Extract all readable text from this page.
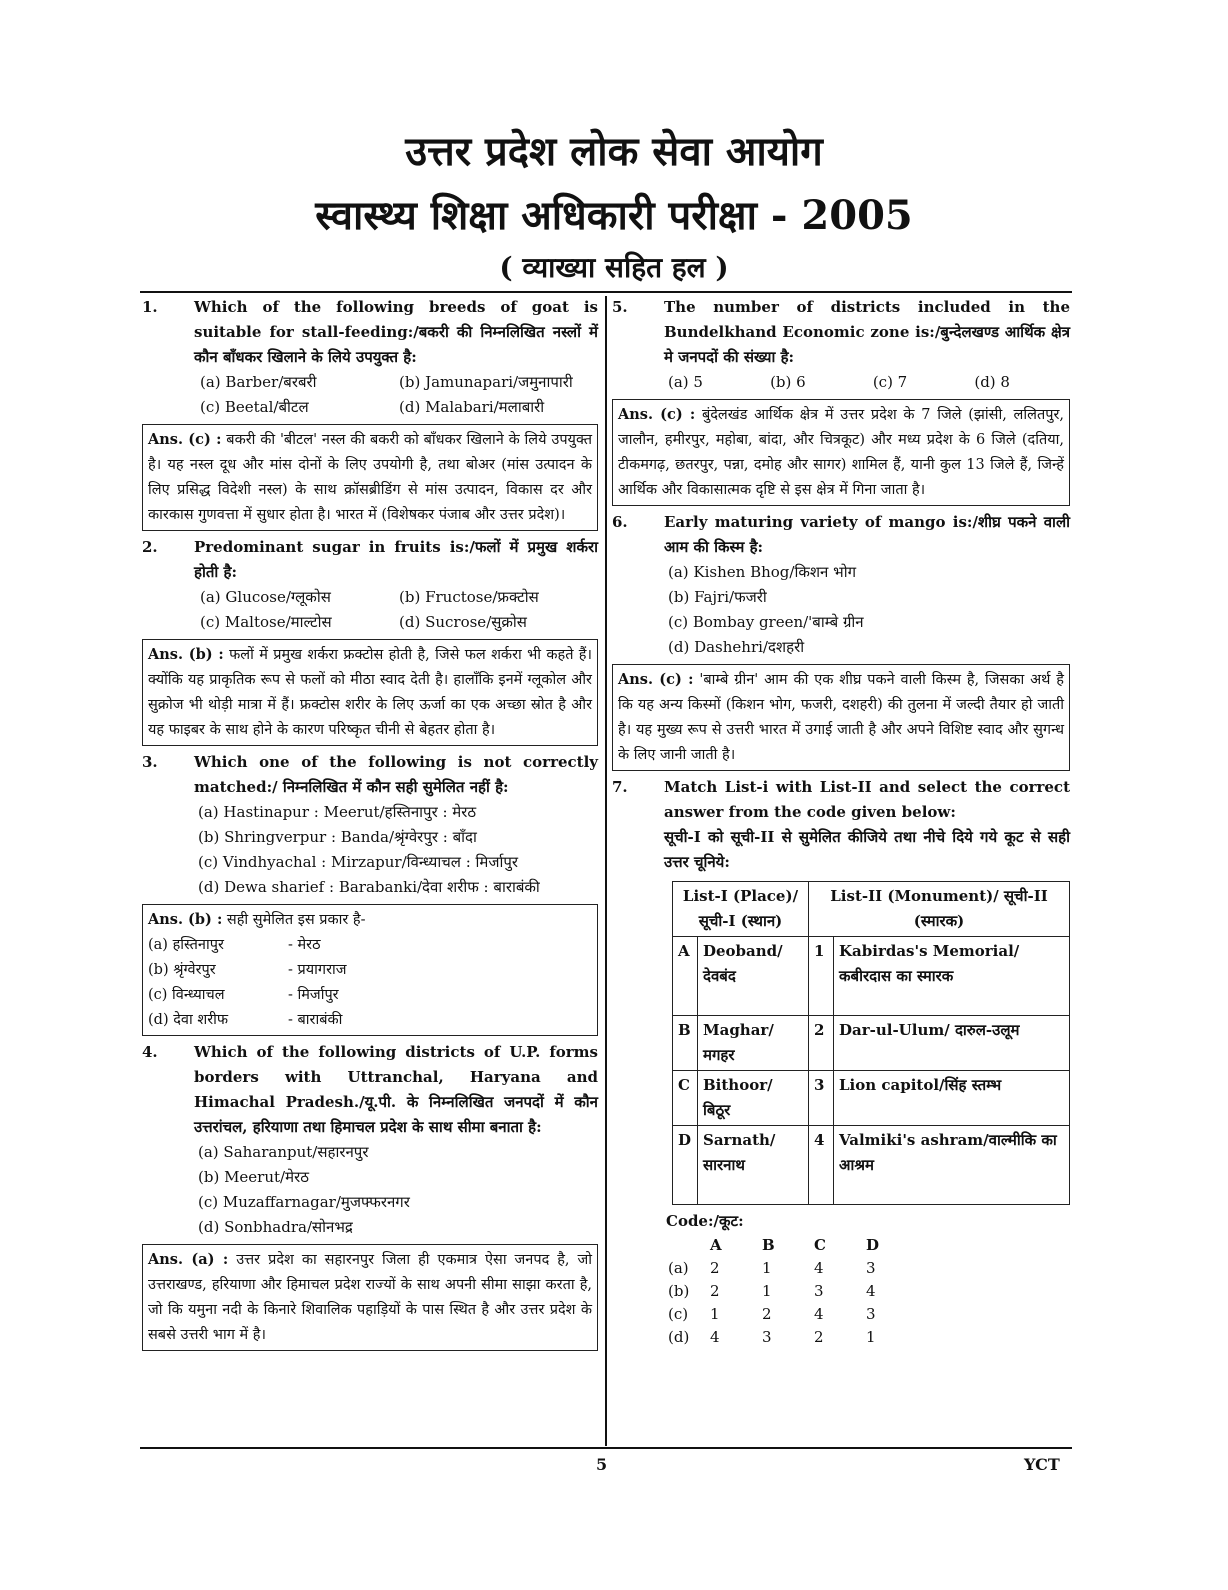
उत्तर प्रदेश लोक सेवा आयोग
स्वास्थ्य शिक्षा अधिकारी परीक्षा - 2005
( व्याख्या सहित हल )
1.	Which of the following breeds of goat is suitable for stall-feeding:/बकरी की निम्नलिखित नस्लों में कौन बाँधकर खिलाने के लिये उपयुक्त है:
(a) Barber/बरबरी	(b) Jamunapari/जमुनापारी
(c) Beetal/बीटल	(d) Malabari/मलाबारी
Ans. (c) : बकरी की 'बीटल' नस्ल की बकरी को बाँधकर खिलाने के लिये उपयुक्त है। यह नस्ल दूध और मांस दोनों के लिए उपयोगी है, तथा बोअर (मांस उत्पादन के लिए प्रसिद्ध विदेशी नस्ल) के साथ क्रॉसब्रीडिंग से मांस उत्पादन, विकास दर और कारकास गुणवत्ता में सुधार होता है। भारत में (विशेषकर पंजाब और उत्तर प्रदेश)।
2.	Predominant sugar in fruits is:/फलों में प्रमुख शर्करा होती है:
(a) Glucose/ग्लूकोस	(b) Fructose/फ्रक्टोस
(c) Maltose/माल्टोस	(d) Sucrose/सुक्रोस
Ans. (b) : फलों में प्रमुख शर्करा फ्रक्टोस होती है, जिसे फल शर्करा भी कहते हैं। क्योंकि यह प्राकृतिक रूप से फलों को मीठा स्वाद देती है। हालाँकि इनमें ग्लूकोल और सुक्रोज भी थोड़ी मात्रा में हैं। फ्रक्टोस शरीर के लिए ऊर्जा का एक अच्छा स्रोत है और यह फाइबर के साथ होने के कारण परिष्कृत चीनी से बेहतर होता है।
3.	Which one of the following is not correctly matched:/ निम्नलिखित में कौन सही सुमेलित नहीं है:
(a) Hastinapur : Meerut/हस्तिनापुर : मेरठ
(b) Shringverpur : Banda/श्रृंग्वेरपुर : बाँदा
(c) Vindhyachal : Mirzapur/विन्ध्याचल : मिर्जापुर
(d) Dewa sharief : Barabanki/देवा शरीफ : बाराबंकी
Ans. (b) : सही सुमेलित इस प्रकार है-
(a) हस्तिनापुर	- मेरठ
(b) श्रृंग्वेरपुर	- प्रयागराज
(c) विन्ध्याचल	- मिर्जापुर
(d) देवा शरीफ	- बाराबंकी
4.	Which of the following districts of U.P. forms borders with Uttranchal, Haryana and Himachal Pradesh./यू.पी. के निम्नलिखित जनपदों में कौन उत्तरांचल, हरियाणा तथा हिमाचल प्रदेश के साथ सीमा बनाता है:
(a) Saharanput/सहारनपुर
(b) Meerut/मेरठ
(c) Muzaffarnagar/मुजफ्फरनगर
(d) Sonbhadra/सोनभद्र
Ans. (a) : उत्तर प्रदेश का सहारनपुर जिला ही एकमात्र ऐसा जनपद है, जो उत्तराखण्ड, हरियाणा और हिमाचल प्रदेश राज्यों के साथ अपनी सीमा साझा करता है, जो कि यमुना नदी के किनारे शिवालिक पहाड़ियों के पास स्थित है और उत्तर प्रदेश के सबसे उत्तरी भाग में है।
5.	The number of districts included in the Bundelkhand Economic zone is:/बुन्देलखण्ड आर्थिक क्षेत्र मे जनपदों की संख्या है:
(a) 5	(b) 6	(c) 7	(d) 8
Ans. (c) : बुंदेलखंड आर्थिक क्षेत्र में उत्तर प्रदेश के 7 जिले (झांसी, ललितपुर, जालौन, हमीरपुर, महोबा, बांदा, और चित्रकूट) और मध्य प्रदेश के 6 जिले (दतिया, टीकमगढ़, छतरपुर, पन्ना, दमोह और सागर) शामिल हैं, यानी कुल 13 जिले हैं, जिन्हें आर्थिक और विकासात्मक दृष्टि से इस क्षेत्र में गिना जाता है।
6.	Early maturing variety of mango is:/शीघ्र पकने वाली आम की किस्म है:
(a) Kishen Bhog/किशन भोग
(b) Fajri/फजरी
(c) Bombay green/'बाम्बे ग्रीन
(d) Dashehri/दशहरी
Ans. (c) : 'बाम्बे ग्रीन' आम की एक शीघ्र पकने वाली किस्म है, जिसका अर्थ है कि यह अन्य किस्मों (किशन भोग, फजरी, दशहरी) की तुलना में जल्दी तैयार हो जाती है। यह मुख्य रूप से उत्तरी भारत में उगाई जाती है और अपने विशिष्ट स्वाद और सुगन्ध के लिए जानी जाती है।
7.	Match List-i with List-II and select the correct answer from the code given below:
सूची-I को सूची-II से सुमेलित कीजिये तथा नीचे दिये गये कूट से सही उत्तर चूनिये:
List-I (Place)/ सूची-I (स्थान)		List-II (Monument)/ सूची-II (स्मारक)	
A	Deoband/ देवबंद	1	Kabirdas's Memorial/कबीरदास का स्मारक
B	Maghar/ मगहर	2	Dar-ul-Ulum/ दारुल-उलूम
C	Bithoor/ बिठूर	3	Lion capitol/सिंह स्तम्भ
D	Sarnath/ सारनाथ	4	Valmiki's ashram/वाल्मीकि का आश्रम
Code:/कूट:
A	B	C	D
(a)	2	1	4	3
(b)	2	1	3	4
(c)	1	2	4	3
(d)	4	3	2	1
5	YCT
